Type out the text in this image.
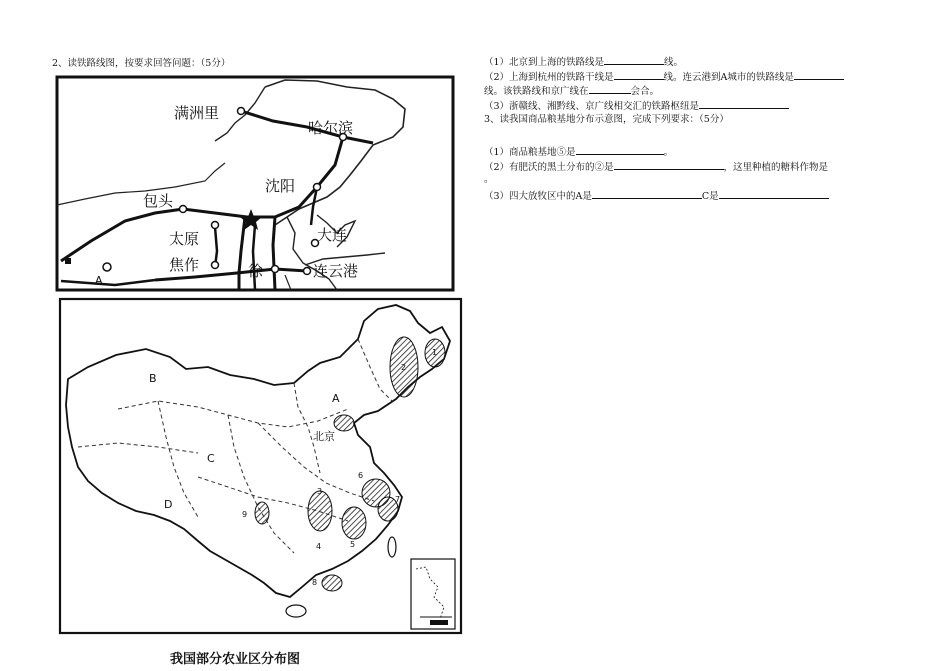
2、读铁路线图，按要求回答问题：（5分）
满洲里
哈尔滨
沈阳
包头
太原	大连
焦作	徐	连云港
A
B
A
C
D
北京
1
2
3
4	5
6
7
8
9
我国部分农业区分布图
（1）北京到上海的铁路线是	线。
（2）上海到杭州的铁路干线是	线。连云港到A城市的铁路线是
线。该铁路线和京广线在	会合。
（3）浙赣线、湘黔线、京广线相交汇的铁路枢纽是
3、读我国商品粮基地分布示意图，完成下列要求：（5分）
（1）商品粮基地⑤是	。
（2）有肥沃的黑土分布的②是	，这里种植的糖料作物是
。
（3）四大放牧区中的A是	C是
